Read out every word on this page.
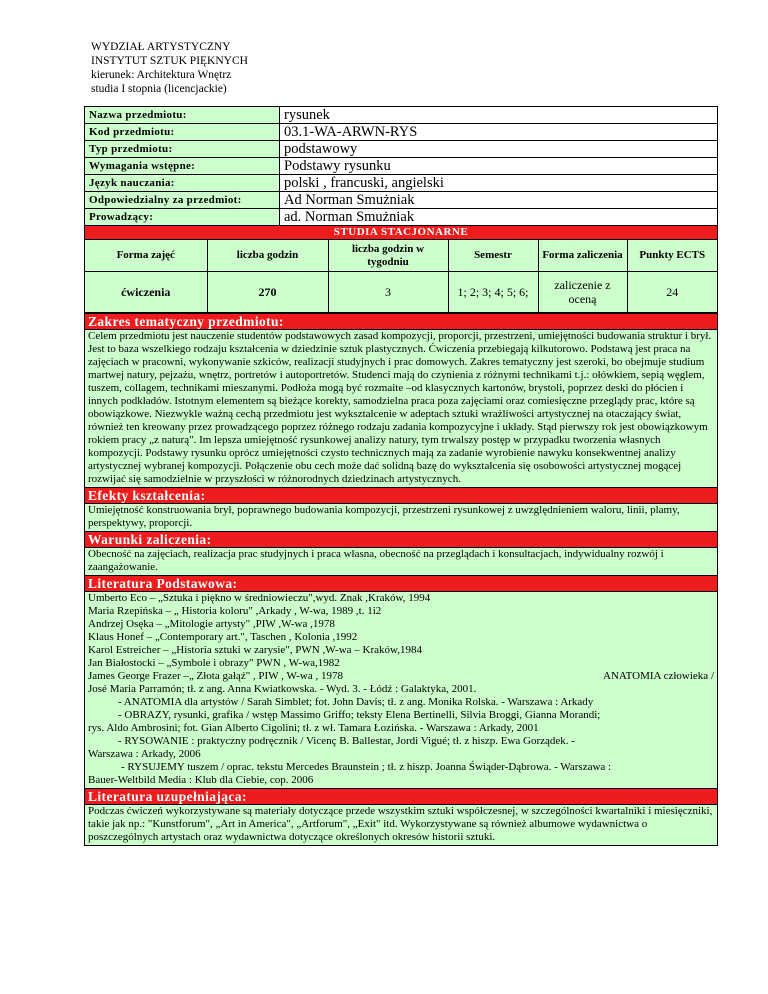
WYDZIAŁ ARTYSTYCZNY
INSTYTUT SZTUK PIĘKNYCH
kierunek: Architektura Wnętrz
studia I stopnia (licencjackie)
Nazwa przedmiotu:	rysunek
Kod przedmiotu:	03.1-WA-ARWN-RYS
Typ przedmiotu:	podstawowy
Wymagania wstępne:	Podstawy rysunku
Język nauczania:	polski , francuski, angielski
Odpowiedzialny za przedmiot:	Ad Norman Smużniak
Prowadzący:	ad. Norman Smużniak
STUDIA STACJONARNE
Forma zajęć	liczba godzin	liczba godzin w tygodniu	Semestr	Forma zaliczenia	Punkty ECTS
ćwiczenia	270	3	1; 2; 3; 4; 5; 6;	zaliczenie z oceną	24
Zakres tematyczny przedmiotu:

Celem przedmiotu jest nauczenie studentów podstawowych zasad kompozycji, proporcji, przestrzeni, umiejętności budowania struktur i brył. Jest to baza wszelkiego rodzaju kształcenia w dziedzinie sztuk plastycznych. Ćwiczenia przebiegają kilkutorowo. Podstawą jest praca na zajęciach w pracowni, wykonywanie szkiców, realizacji studyjnych i prac domowych. Zakres tematyczny jest szeroki, bo obejmuje studium martwej natury, pejzażu, wnętrz, portretów i autoportretów. Studenci mają do czynienia z różnymi technikami t.j.: ołówkiem, sepią węglem, tuszem, collagem, technikami mieszanymi. Podłoża mogą być rozmaite –od klasycznych kartonów, brystoli, poprzez deski do płócien i innych podkładów. Istotnym elementem są bieżące korekty, samodzielna praca poza zajęciami oraz comiesięczne przeglądy prac, które są obowiązkowe. Niezwykle ważną cechą przedmiotu jest wykształcenie w adeptach sztuki wrażliwości artystycznej na otaczający świat, również ten kreowany przez prowadzącego poprzez różnego rodzaju zadania kompozycyjne i układy. Stąd pierwszy rok jest obowiązkowym rokiem pracy „z naturą". Im lepsza umiejętność rysunkowej analizy natury, tym trwalszy postęp w przypadku tworzenia własnych kompozycji. Podstawy rysunku oprócz umiejętności czysto technicznych mają za zadanie wyrobienie nawyku konsekwentnej analizy artystycznej wybranej kompozycji. Połączenie obu cech może dać solidną bazę do wykształcenia się osobowości artystycznej mogącej rozwijać się samodzielnie w przyszłości w różnorodnych dziedzinach artystycznych.

Efekty kształcenia:

Umiejętność konstruowania brył, poprawnego budowania kompozycji, przestrzeni rysunkowej z uwzględnieniem waloru, linii, plamy, perspektywy, proporcji.

Warunki zaliczenia:

Obecność na zajęciach, realizacja prac studyjnych i praca własna, obecność na przeglądach i konsultacjach, indywidualny rozwój i zaangażowanie.

Literatura Podstawowa:
Umberto Eco – „Sztuka i piękno w średniowieczu",wyd. Znak ,Kraków, 1994
Maria Rzepińska – „ Historia koloru" ,Arkady , W-wa, 1989 ,t. 1i2
Andrzej Osęka – „Mitologie artysty" ,PIW ,W-wa ,1978
Klaus Honef – „Contemporary art.", Taschen , Kolonia ,1992
Karol Estreicher – „Historia sztuki w zarysie", PWN ,W-wa – Kraków,1984
Jan Białostocki – „Symbole i obrazy" PWN , W-wa,1982
James George Frazer –„ Złota gałąź" , PIW , W-wa , 1978	ANATOMIA człowieka /
José Maria Parramón; tł. z ang. Anna Kwiatkowska. - Wyd. 3. - Łódź : Galaktyka, 2001.
- ANATOMIA dla artystów / Sarah Simblet; fot. John Davis; tł. z ang. Monika Rolska. - Warszawa : Arkady
- OBRAZY, rysunki, grafika / wstęp Massimo Griffo; teksty Elena Bertinelli, Silvia Broggi, Gianna Morandi;
rys. Aldo Ambrosini; fot. Gian Alberto Cigolini; tł. z wł. Tamara Łozińska. - Warszawa : Arkady, 2001
- RYSOWANIE : praktyczny podręcznik / Vicenç B. Ballestar, Jordi Vigué; tł. z hiszp. Ewa Gorządek. -
Warszawa : Arkady, 2006
- RYSUJEMY tuszem / oprac. tekstu Mercedes Braunstein ; tł. z hiszp. Joanna Świąder-Dąbrowa. - Warszawa :
Bauer-Weltbild Media : Klub dla Ciebie, cop. 2006
Literatura uzupełniająca:

Podczas ćwiczeń wykorzystywane są materiały dotyczące przede wszystkim sztuki współczesnej, w szczególności kwartalniki i miesięczniki, takie jak np.: "Kunstforum", „Art in America", „Artforum", „Exit" itd. Wykorzystywane są również albumowe wydawnictwa o poszczególnych artystach oraz wydawnictwa dotyczące określonych okresów historii sztuki.
